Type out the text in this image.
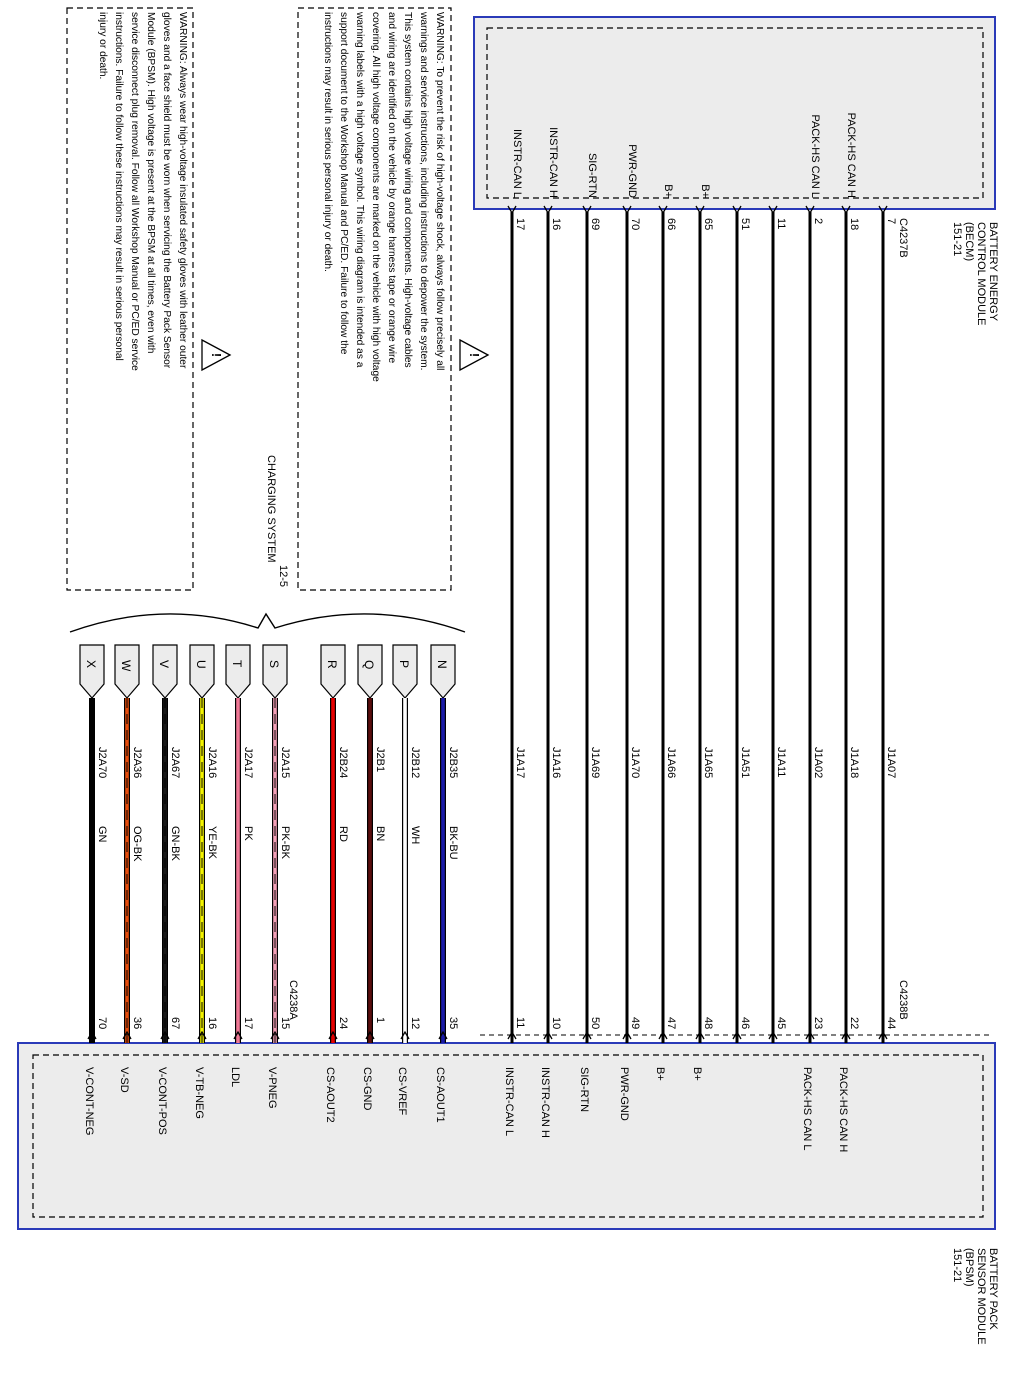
!
!
7
J1A07
44
18
J1A18
22
2
J1A02
23
11
J1A11
45
51
J1A51
46
65
J1A65
48
66
J1A66
47
70
J1A70
49
69
J1A69
50
16
J1A16
10
17
J1A17
11
PACK-HS CAN H
PACK-HS CAN L
B+
B+
PWR-GND
SIG-RTN
INSTR-CAN H
INSTR-CAN L
PACK-HS CAN H
PACK-HS CAN L
B+
B+
PWR-GND
SIG-RTN
INSTR-CAN H
INSTR-CAN L
N
J2B35
BK-BU
35
CS-AOUT1
P
J2B12
WH
12
CS-VREF
Q
J2B1
BN
1
CS-GND
R
J2B24
RD
24
CS-AOUT2
S
J2A15
PK-BK
15
V-PNEG
T
J2A17
PK
17
LDL
U
J2A16
YE-BK
16
V-TB-NEG
V
J2A67
GN-BK
67
V-CONT-POS
W
J2A36
OG-BK
36
V-SD
X
J2A70
GN
70
V-CONT-NEG
C4237B
C4238B
C4238A
BATTERY ENERGY
CONTROL MODULE
(BECM)
151-21
BATTERY PACK
SENSOR MODULE
(BPSM)
151-21
CHARGING SYSTEM
12-5
WARNING: To prevent the risk of high-voltage shock, always follow precisely all
warnings and service instructions, including instructions to depower the system.
This system contains high voltage wiring and components. High-voltage cables
and wiring are identified on the vehicle by orange harness tape or orange wire
covering. All high voltage components are marked on the vehicle with high voltage
warning labels with a high voltage symbol. This wiring diagram is intended as a
support document to the Workshop Manual and PC/ED. Failure to follow the
instructions may result in serious personal injury or death.
WARNING: Always wear high-voltage insulated safety gloves with leather outer
gloves and a face shield must be worn when servicing the Battery Pack Sensor
Module (BPSM). High voltage is present at the BPSM at all times, even with
service disconnect plug removal. Follow all Workshop Manual or PC/ED service
instructions. Failure to follow these instructions may result in serious personal
injury or death.
